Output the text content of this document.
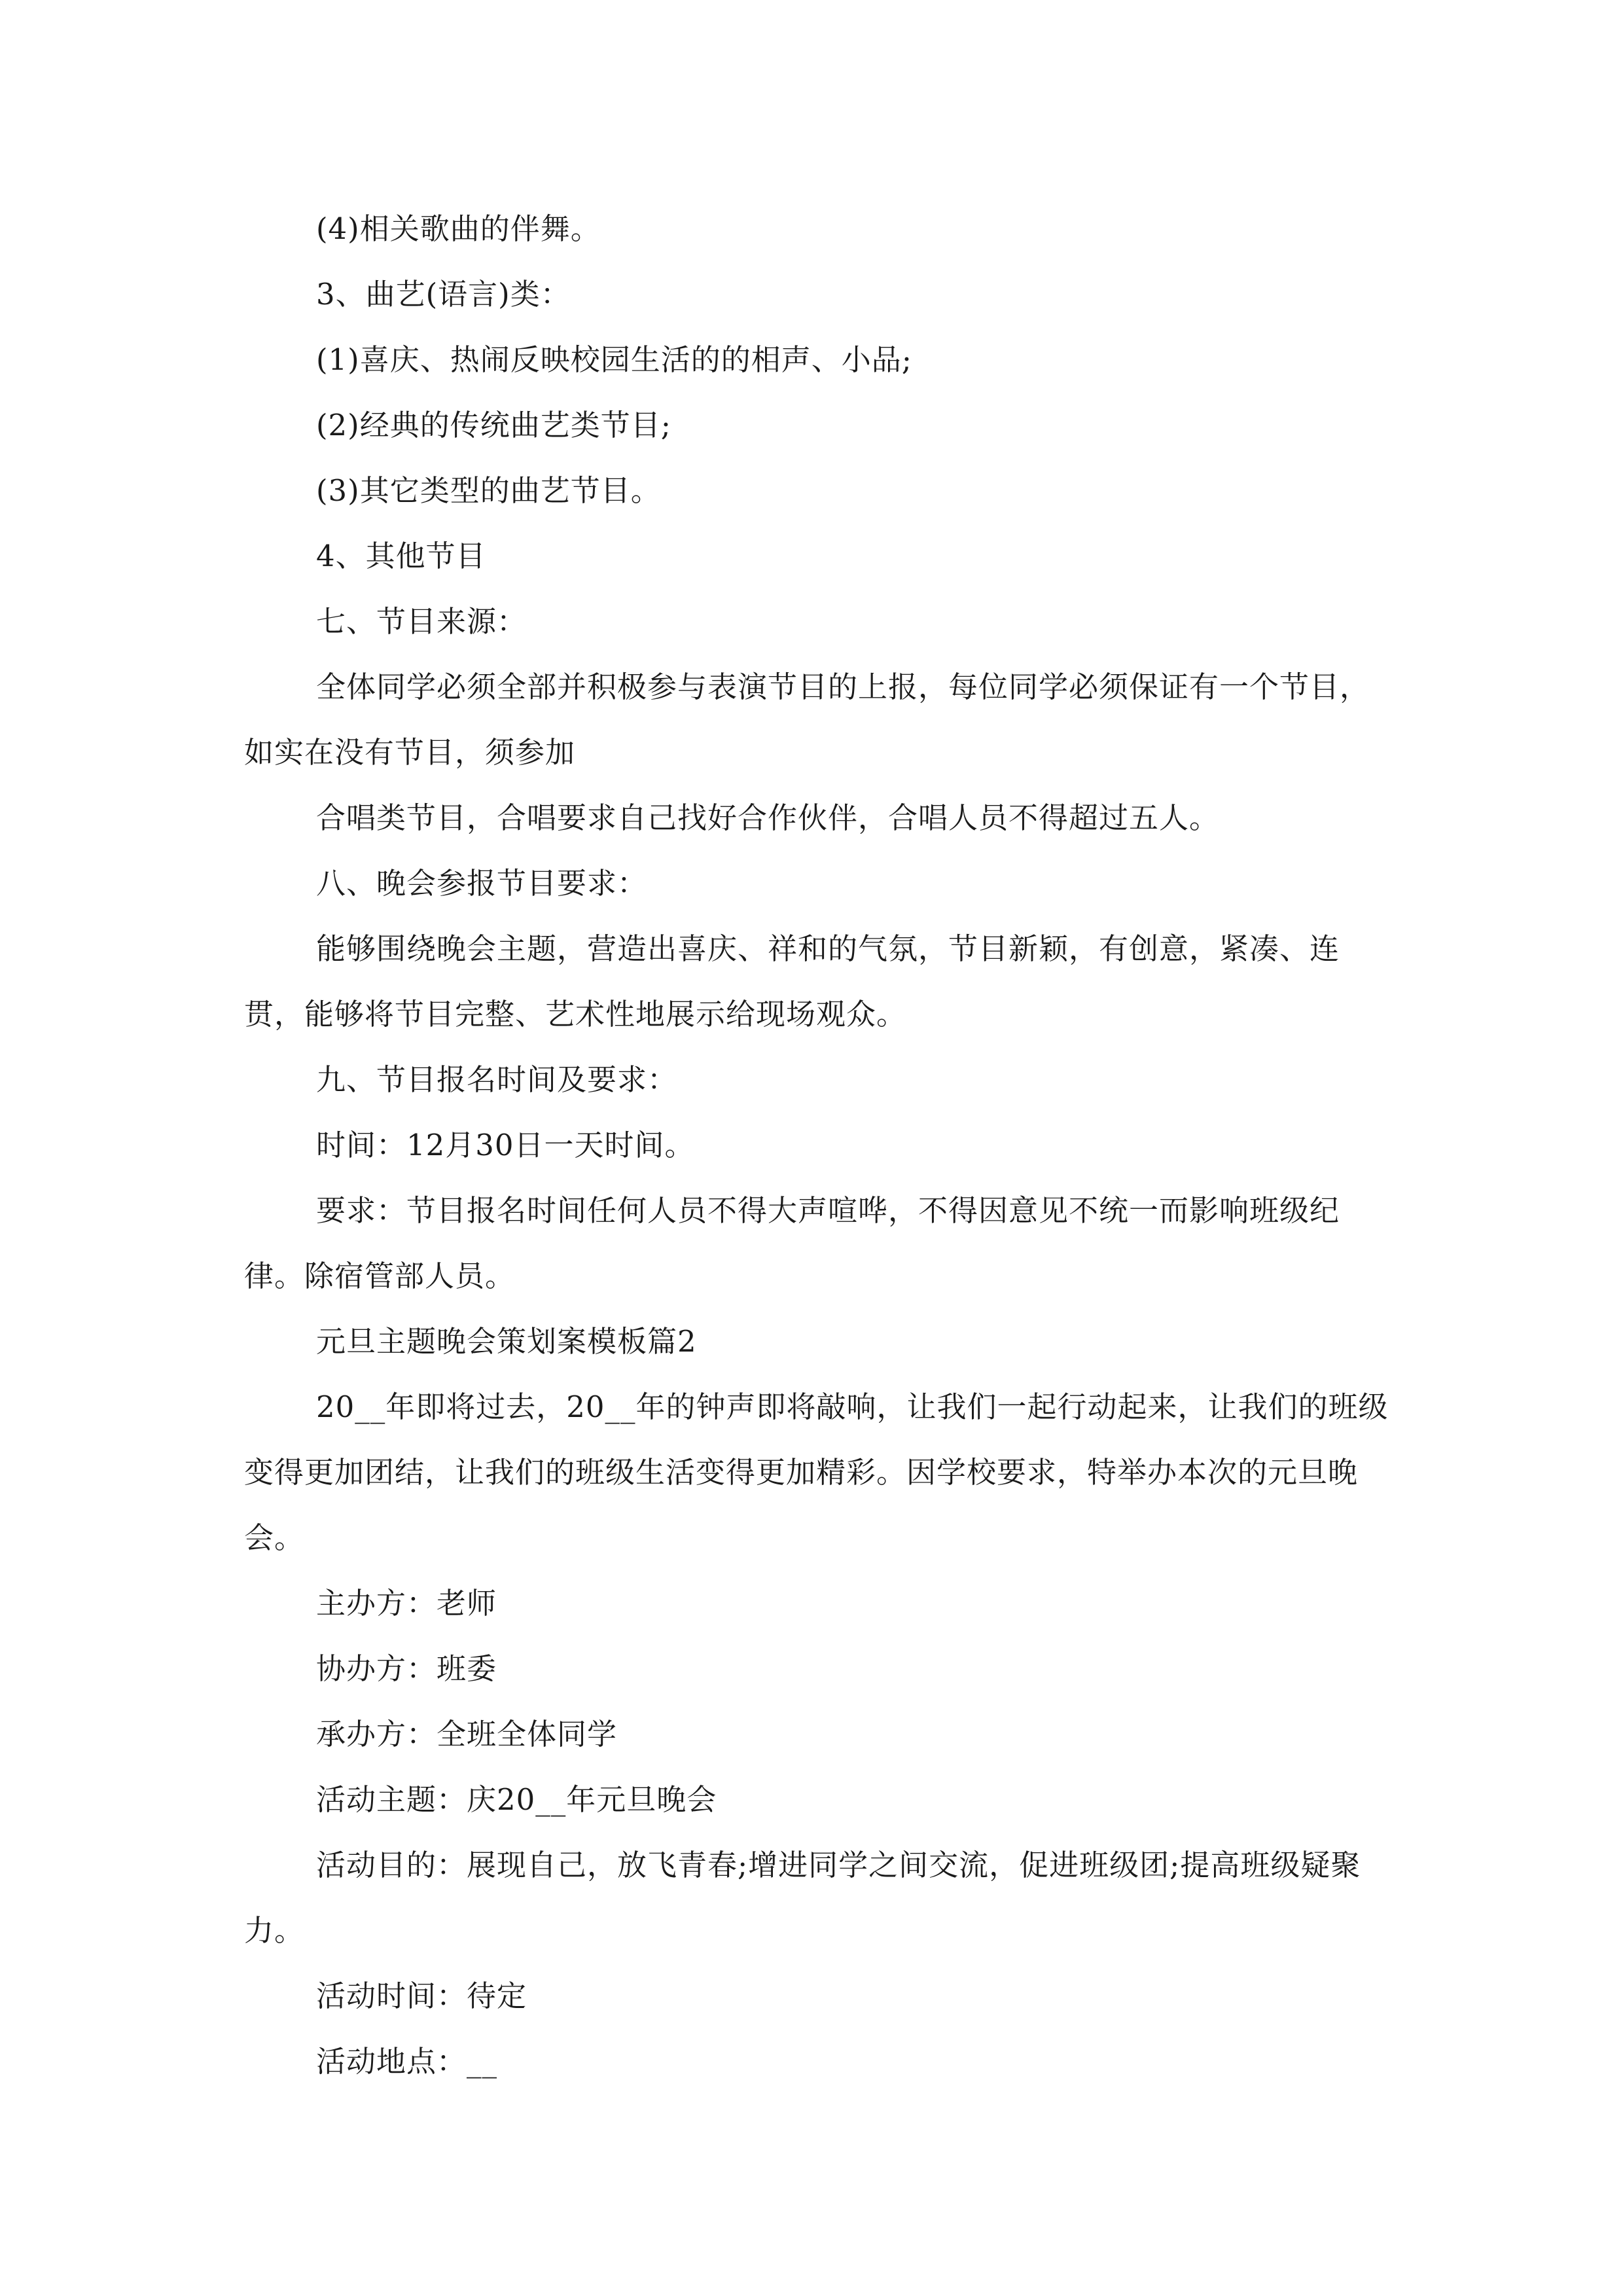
(4)相关歌曲的伴舞。

3、曲艺(语言)类：

(1)喜庆、热闹反映校园生活的的相声、小品;

(2)经典的传统曲艺类节目;

(3)其它类型的曲艺节目。

4、其他节目

七、节目来源：

全体同学必须全部并积极参与表演节目的上报，每位同学必须保证有一个节目，如实在没有节目，须参加

合唱类节目，合唱要求自己找好合作伙伴，合唱人员不得超过五人。

八、晚会参报节目要求：

能够围绕晚会主题，营造出喜庆、祥和的气氛，节目新颖，有创意，紧凑、连贯，能够将节目完整、艺术性地展示给现场观众。

九、节目报名时间及要求：

时间：12月30日一天时间。

要求：节目报名时间任何人员不得大声喧哗，不得因意见不统一而影响班级纪律。除宿管部人员。

元旦主题晚会策划案模板篇2

20__年即将过去，20__年的钟声即将敲响，让我们一起行动起来，让我们的班级变得更加团结，让我们的班级生活变得更加精彩。因学校要求，特举办本次的元旦晚会。

主办方：老师

协办方：班委

承办方：全班全体同学

活动主题：庆20__年元旦晚会

活动目的：展现自己，放飞青春;增进同学之间交流，促进班级团;提高班级疑聚力。

活动时间：待定

活动地点：__
